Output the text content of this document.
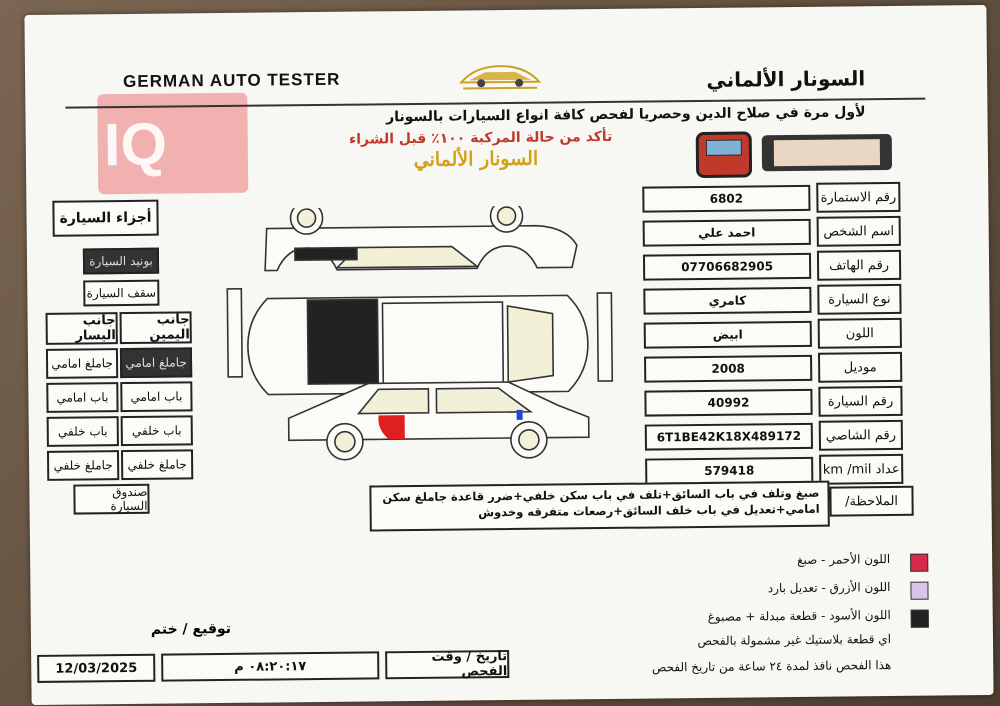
IQ
GERMAN AUTO TESTER	السونار الألماني
لأول مرة في صلاح الدين وحصريا لفحص كافة انواع السيارات بالسونار
تأكد من حالة المركبة ١٠٠٪ قبل الشراء
السونار الألماني
رقم الاستمارة
6802
اسم الشخص
احمد علي
رقم الهاتف
07706682905
نوع السيارة
كامري
اللون
ابيض
موديل
2008
رقم السيارة
40992
رقم الشاصي
6T1BE42K18X489172
عداد km /mil
579418
الملاحظة/
صبغ وتلف في باب السائق+تلف في باب سكن خلفي+ضرر قاعدة جاملغ سكن امامي+تعديل في باب خلف السائق+رصعات متفرقه وخدوش
أجزاء السيارة
بونيد السيارة
سقف السيارة
جانب اليمين
جانب اليسار
جاملغ امامي
باب امامي
باب خلفي
جاملغ خلفي
جاملغ امامي
باب امامي
باب خلفي
جاملغ خلفي
صندوق السيارة
اللون الأحمر - صبغ
اللون الأزرق - تعديل بارد
اللون الأسود - قطعة مبدلة + مصبوغ
اي قطعة بلاستيك غير مشمولة بالفحص
هذا الفحص نافذ لمدة ٢٤ ساعة من تاريخ الفحص
توقيع / ختم
تاريخ / وقت الفحص
٠٨:٢٠:١٧ م
12/03/2025
